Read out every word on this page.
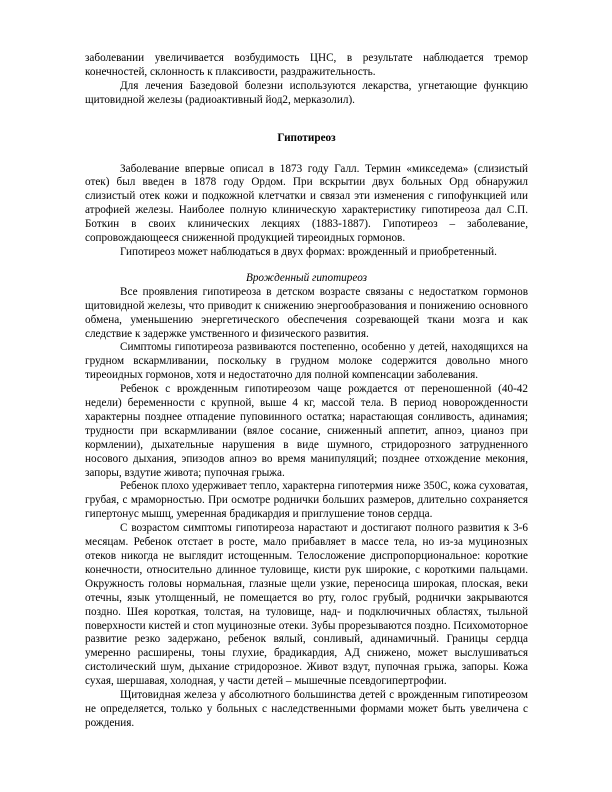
заболевании увеличивается возбудимость ЦНС, в результате наблюдается тремор конечностей, склонность к плаксивости, раздражительность.

Для лечения Базедовой болезни используются лекарства, угнетающие функцию щитовидной железы (радиоактивный йод2, мерказолил).

Гипотиреоз

Заболевание впервые описал в 1873 году Галл. Термин «микседема» (слизистый отек) был введен в 1878 году Ордом. При вскрытии двух больных Орд обнаружил слизистый отек кожи и подкожной клетчатки и связал эти изменения с гипофункцией или атрофией железы. Наиболее полную клиническую характеристику гипотиреоза дал С.П. Боткин в своих клинических лекциях (1883-1887). Гипотиреоз – заболевание, сопровождающееся сниженной продукцией тиреоидных гормонов.

Гипотиреоз может наблюдаться в двух формах: врожденный и приобретенный.

Врожденный гипотиреоз

Все проявления гипотиреоза в детском возрасте связаны с недостатком гормонов щитовидной железы, что приводит к снижению энергообразования и понижению основного обмена, уменьшению энергетического обеспечения созревающей ткани мозга и как следствие к задержке умственного и физического развития.

Симптомы гипотиреоза развиваются постепенно, особенно у детей, находящихся на грудном вскармливании, поскольку в грудном молоке содержится довольно много тиреоидных гормонов, хотя и недостаточно для полной компенсации заболевания.

Ребенок с врожденным гипотиреозом чаще рождается от переношенной (40-42 недели) беременности с крупной, выше 4 кг, массой тела. В период новорожденности характерны позднее отпадение пуповинного остатка; нарастающая сонливость, адинамия; трудности при вскармливании (вялое сосание, сниженный аппетит, апноэ, цианоз при кормлении), дыхательные нарушения в виде шумного, стридорозного затрудненного носового дыхания, эпизодов апноэ во время манипуляций; позднее отхождение мекония, запоры, вздутие живота; пупочная грыжа.

Ребенок плохо удерживает тепло, характерна гипотермия ниже 350С, кожа суховатая, грубая, с мраморностью. При осмотре роднички больших размеров, длительно сохраняется гипертонус мышц, умеренная брадикардия и приглушение тонов сердца.

С возрастом симптомы гипотиреоза нарастают и достигают полного развития к 3-6 месяцам. Ребенок отстает в росте, мало прибавляет в массе тела, но из-за муцинозных отеков никогда не выглядит истощенным. Телосложение диспропорциональное: короткие конечности, относительно длинное туловище, кисти рук широкие, с короткими пальцами. Окружность головы нормальная, глазные щели узкие, переносица широкая, плоская, веки отечны, язык утолщенный, не помещается во рту, голос грубый, роднички закрываются поздно. Шея короткая, толстая, на туловище, над- и подключичных областях, тыльной поверхности кистей и стоп муцинозные отеки. Зубы прорезываются поздно. Психомоторное развитие резко задержано, ребенок вялый, сонливый, адинамичный. Границы сердца умеренно расширены, тоны глухие, брадикардия, АД снижено, может выслушиваться систолический шум, дыхание стридорозное. Живот вздут, пупочная грыжа, запоры. Кожа сухая, шершавая, холодная, у части детей – мышечные псевдогипертрофии.

Щитовидная железа у абсолютного большинства детей с врожденным гипотиреозом не определяется, только у больных с наследственными формами может быть увеличена с рождения.
